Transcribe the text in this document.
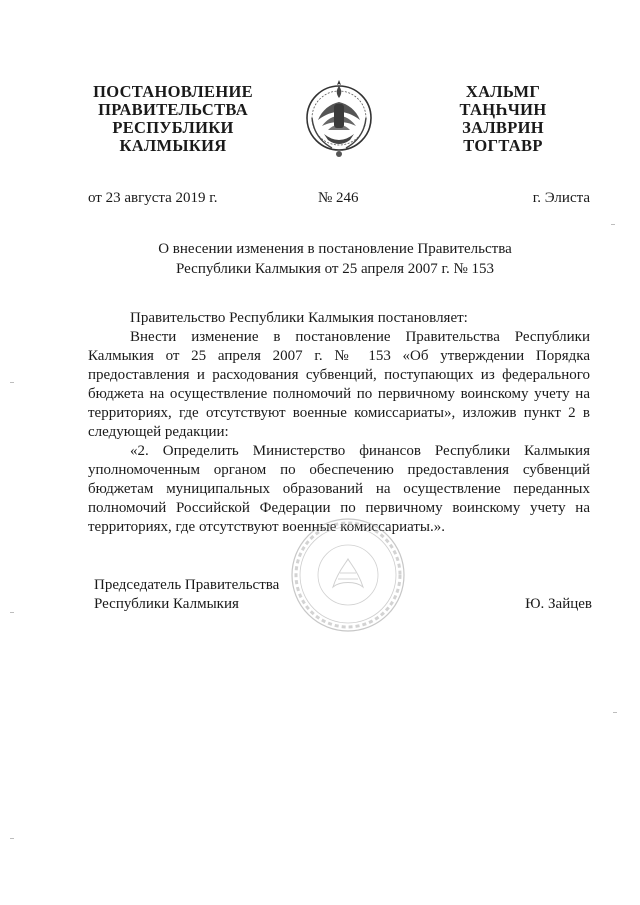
ПОСТАНОВЛЕНИЕ
ПРАВИТЕЛЬСТВА
РЕСПУБЛИКИ
КАЛМЫКИЯ
ХАЛЬМГ
ТАҢҺЧИН
ЗАЛВРИН
ТОГТАВР
от 23 августа 2019 г.	№ 246	г. Элиста
О внесении изменения в постановление Правительства
Республики Калмыкия от 25 апреля 2007 г. № 153

Правительство Республики Калмыкия постановляет:

Внести изменение в постановление Правительства Республики Калмыкия от 25 апреля 2007 г. № 153 «Об утверждении Порядка предоставления и расходования субвенций, поступающих из федерального бюджета на осуществление полномочий по первичному воинскому учету на территориях, где отсутствуют военные комиссариаты», изложив пункт 2 в следующей редакции:

«2. Определить Министерство финансов Республики Калмыкия уполномоченным органом по обеспечению предоставления субвенций бюджетам муниципальных образований на осуществление переданных полномочий Российской Федерации по первичному воинскому учету на территориях, где отсутствуют военные комиссариаты.».

Председатель Правительства
Республики Калмыкия	Ю. Зайцев
